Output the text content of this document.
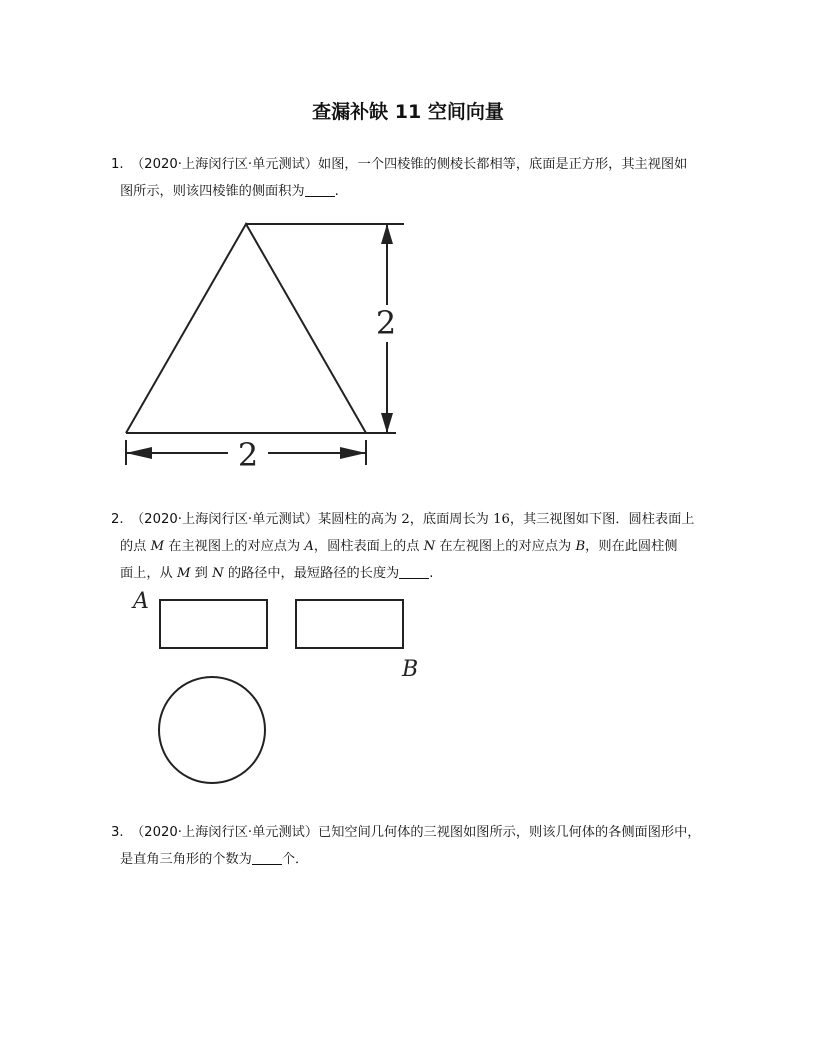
查漏补缺 11 空间向量
1. （2020·上海闵行区·单元测试）如图，一个四棱锥的侧棱长都相等，底面是正方形，其主视图如
图所示，则该四棱锥的侧面积为 .
2
2
2. （2020·上海闵行区·单元测试）某圆柱的高为 2，底面周长为 16，其三视图如下图．圆柱表面上
的点 M 在主视图上的对应点为 A，圆柱表面上的点 N 在左视图上的对应点为 B，则在此圆柱侧
面上，从 M 到 N 的路径中，最短路径的长度为 .
A
B
3. （2020·上海闵行区·单元测试）已知空间几何体的三视图如图所示，则该几何体的各侧面图形中，
是直角三角形的个数为 个．
